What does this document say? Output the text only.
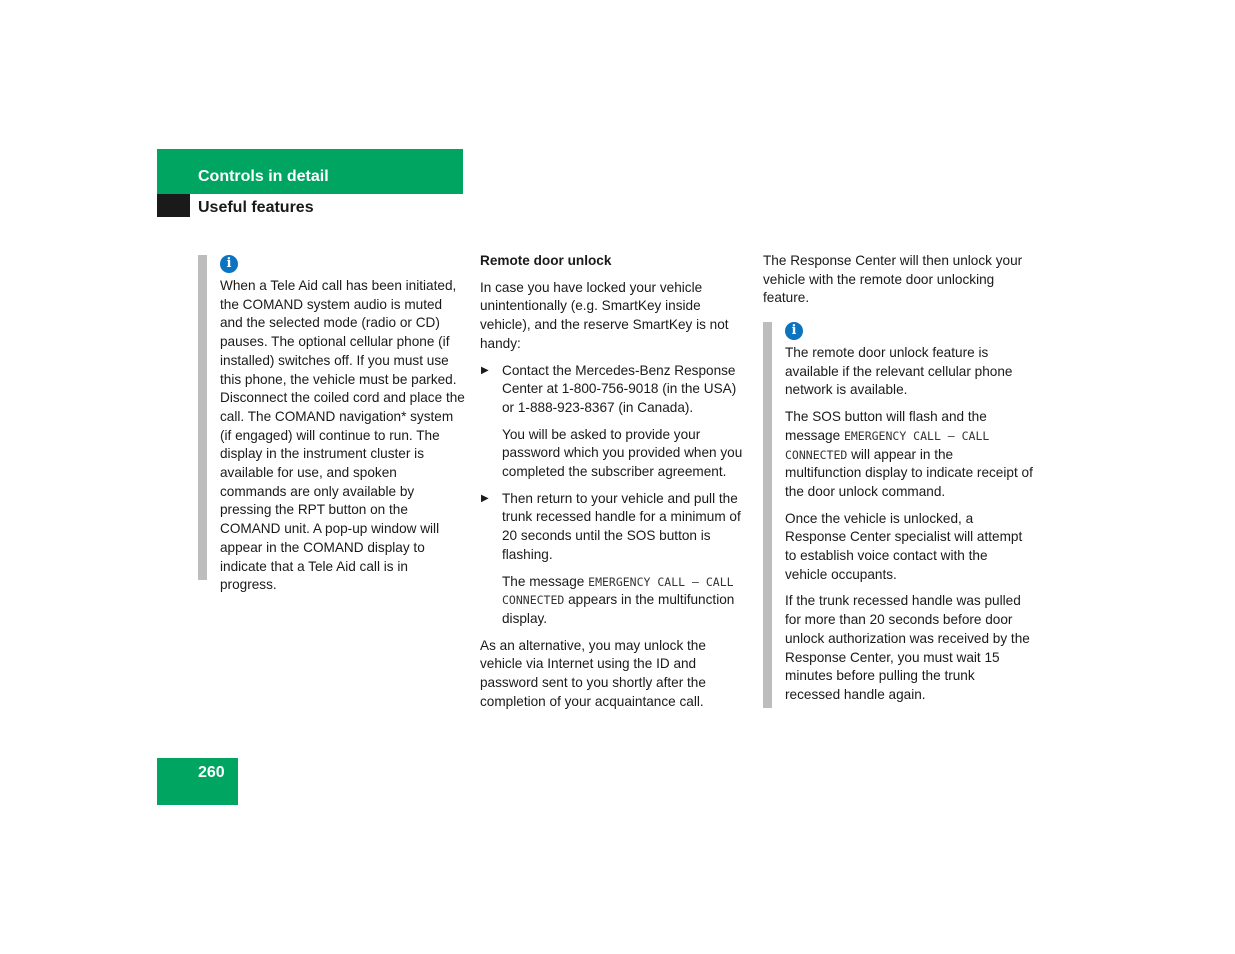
Controls in detail
Useful features
i

When a Tele Aid call has been initiated, the COMAND system audio is muted and the selected mode (radio or CD) pauses. The optional cellular phone (if installed) switches off. If you must use this phone, the vehicle must be parked. Disconnect the coiled cord and place the call. The COMAND navigation* system (if engaged) will continue to run. The display in the instrument cluster is available for use, and spoken commands are only available by pressing the RPT button on the COMAND unit. A pop-up window will appear in the COMAND display to indicate that a Tele Aid call is in progress.

Remote door unlock

In case you have locked your vehicle unintentionally (e.g. SmartKey inside vehicle), and the reserve SmartKey is not handy:

▶ Contact the Mercedes-Benz Response Center at 1-800-756-9018 (in the USA) or 1-888-923-8367 (in Canada).

You will be asked to provide your password which you provided when you completed the subscriber agreement.

▶ Then return to your vehicle and pull the trunk recessed handle for a minimum of 20 seconds until the SOS button is flashing.

The message EMERGENCY CALL – CALL CONNECTED appears in the multifunction display.

As an alternative, you may unlock the vehicle via Internet using the ID and password sent to you shortly after the completion of your acquaintance call.

The Response Center will then unlock your vehicle with the remote door unlocking feature.

i

The remote door unlock feature is available if the relevant cellular phone network is available.

The SOS button will flash and the message EMERGENCY CALL – CALL CONNECTED will appear in the multifunction display to indicate receipt of the door unlock command.

Once the vehicle is unlocked, a Response Center specialist will attempt to establish voice contact with the vehicle occupants.

If the trunk recessed handle was pulled for more than 20 seconds before door unlock authorization was received by the Response Center, you must wait 15 minutes before pulling the trunk recessed handle again.

260
